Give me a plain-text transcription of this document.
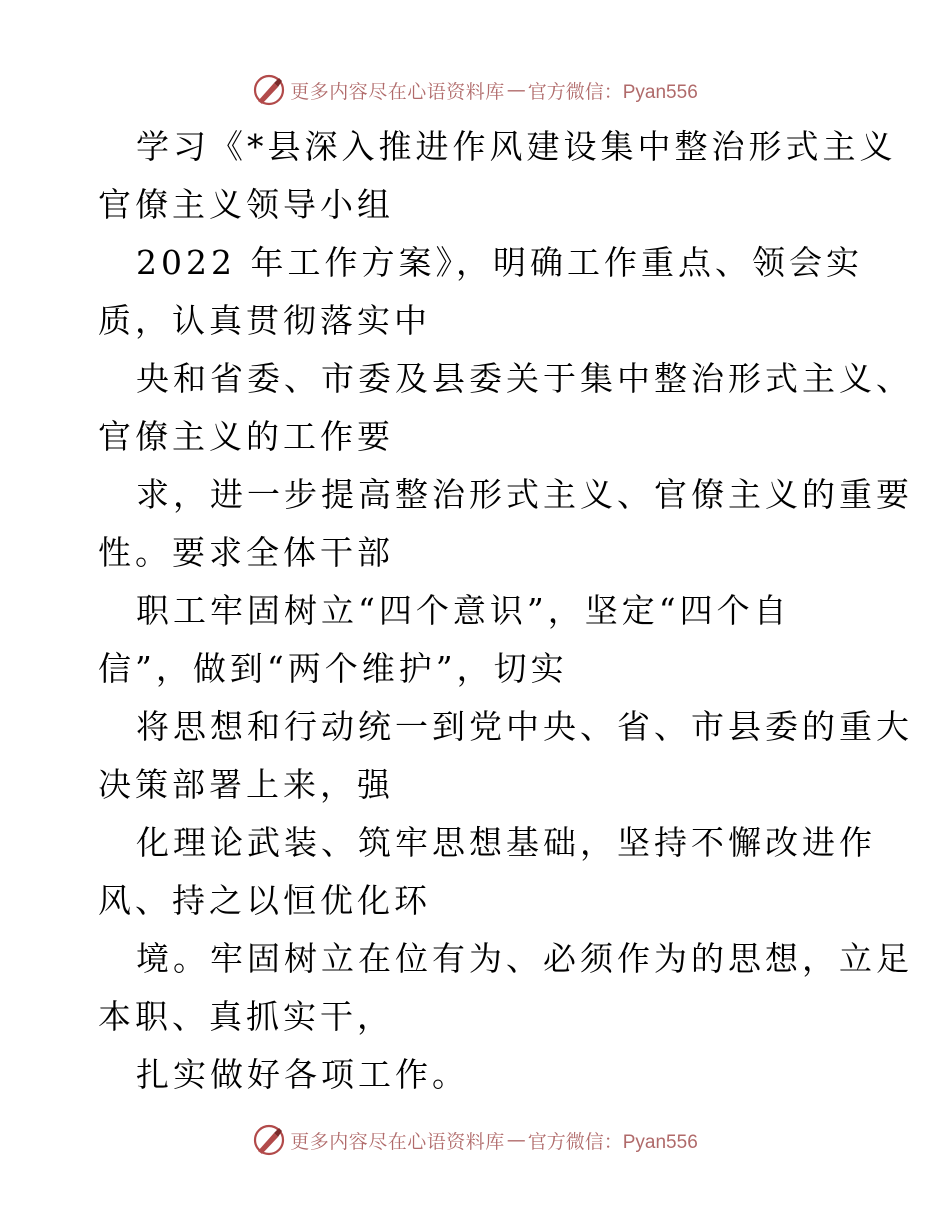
更多内容尽在心语资料库 — 官方微信：Pyan556

学习《*县深入推进作风建设集中整治形式主义

官僚主义领导小组

2022 年工作方案》，明确工作重点、领会实

质，认真贯彻落实中

央和省委、市委及县委关于集中整治形式主义、

官僚主义的工作要

求，进一步提高整治形式主义、官僚主义的重要

性。要求全体干部

职工牢固树立“四个意识”，坚定“四个自

信”，做到“两个维护”，切实

将思想和行动统一到党中央、省、市县委的重大

决策部署上来，强

化理论武装、筑牢思想基础，坚持不懈改进作

风、持之以恒优化环

境。牢固树立在位有为、必须作为的思想，立足

本职、真抓实干，

扎实做好各项工作。

更多内容尽在心语资料库 — 官方微信：Pyan556
